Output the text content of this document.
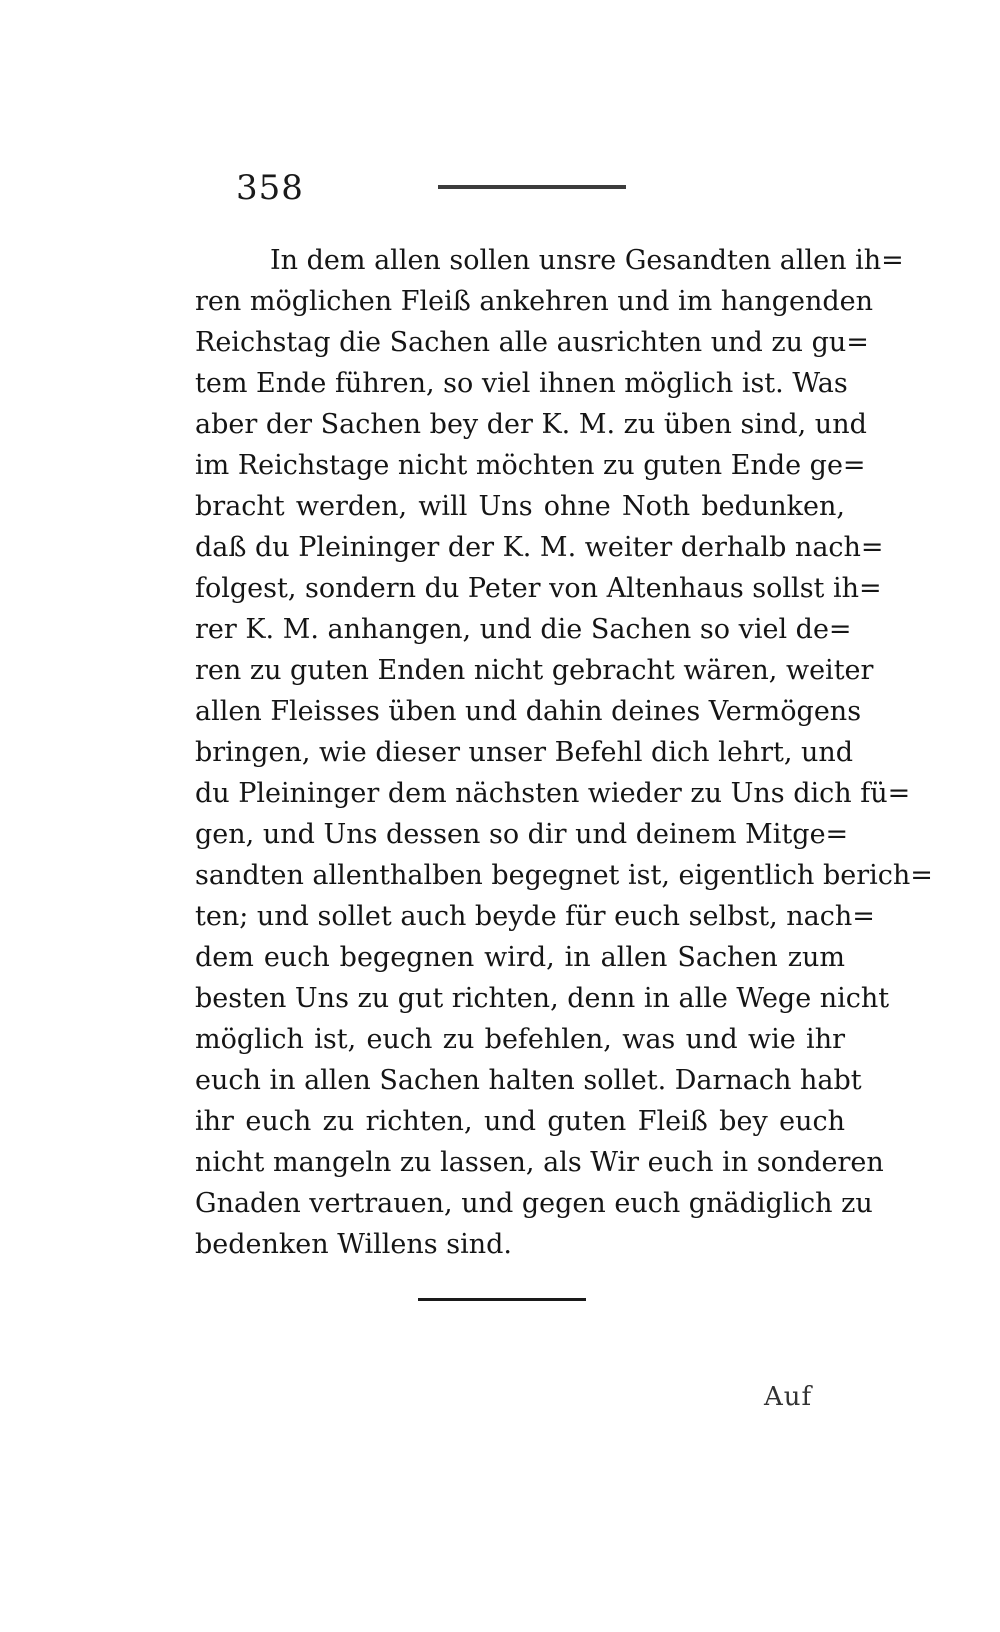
358
In dem allen sollen unsre Gesandten allen ih=
ren möglichen Fleiß ankehren und im hangenden
Reichstag die Sachen alle ausrichten und zu gu=
tem Ende führen, so viel ihnen möglich ist. Was
aber der Sachen bey der K. M. zu üben sind, und
im Reichstage nicht möchten zu guten Ende ge=
bracht werden, will Uns ohne Noth bedunken,
daß du Pleininger der K. M. weiter derhalb nach=
folgest, sondern du Peter von Altenhaus sollst ih=
rer K. M. anhangen, und die Sachen so viel de=
ren zu guten Enden nicht gebracht wären, weiter
allen Fleisses üben und dahin deines Vermögens
bringen, wie dieser unser Befehl dich lehrt, und
du Pleininger dem nächsten wieder zu Uns dich fü=
gen, und Uns dessen so dir und deinem Mitge=
sandten allenthalben begegnet ist, eigentlich berich=
ten; und sollet auch beyde für euch selbst, nach=
dem euch begegnen wird, in allen Sachen zum
besten Uns zu gut richten, denn in alle Wege nicht
möglich ist, euch zu befehlen, was und wie ihr
euch in allen Sachen halten sollet. Darnach habt
ihr euch zu richten, und guten Fleiß bey euch
nicht mangeln zu lassen, als Wir euch in sonderen
Gnaden vertrauen, und gegen euch gnädiglich zu
bedenken Willens sind.
Auf
